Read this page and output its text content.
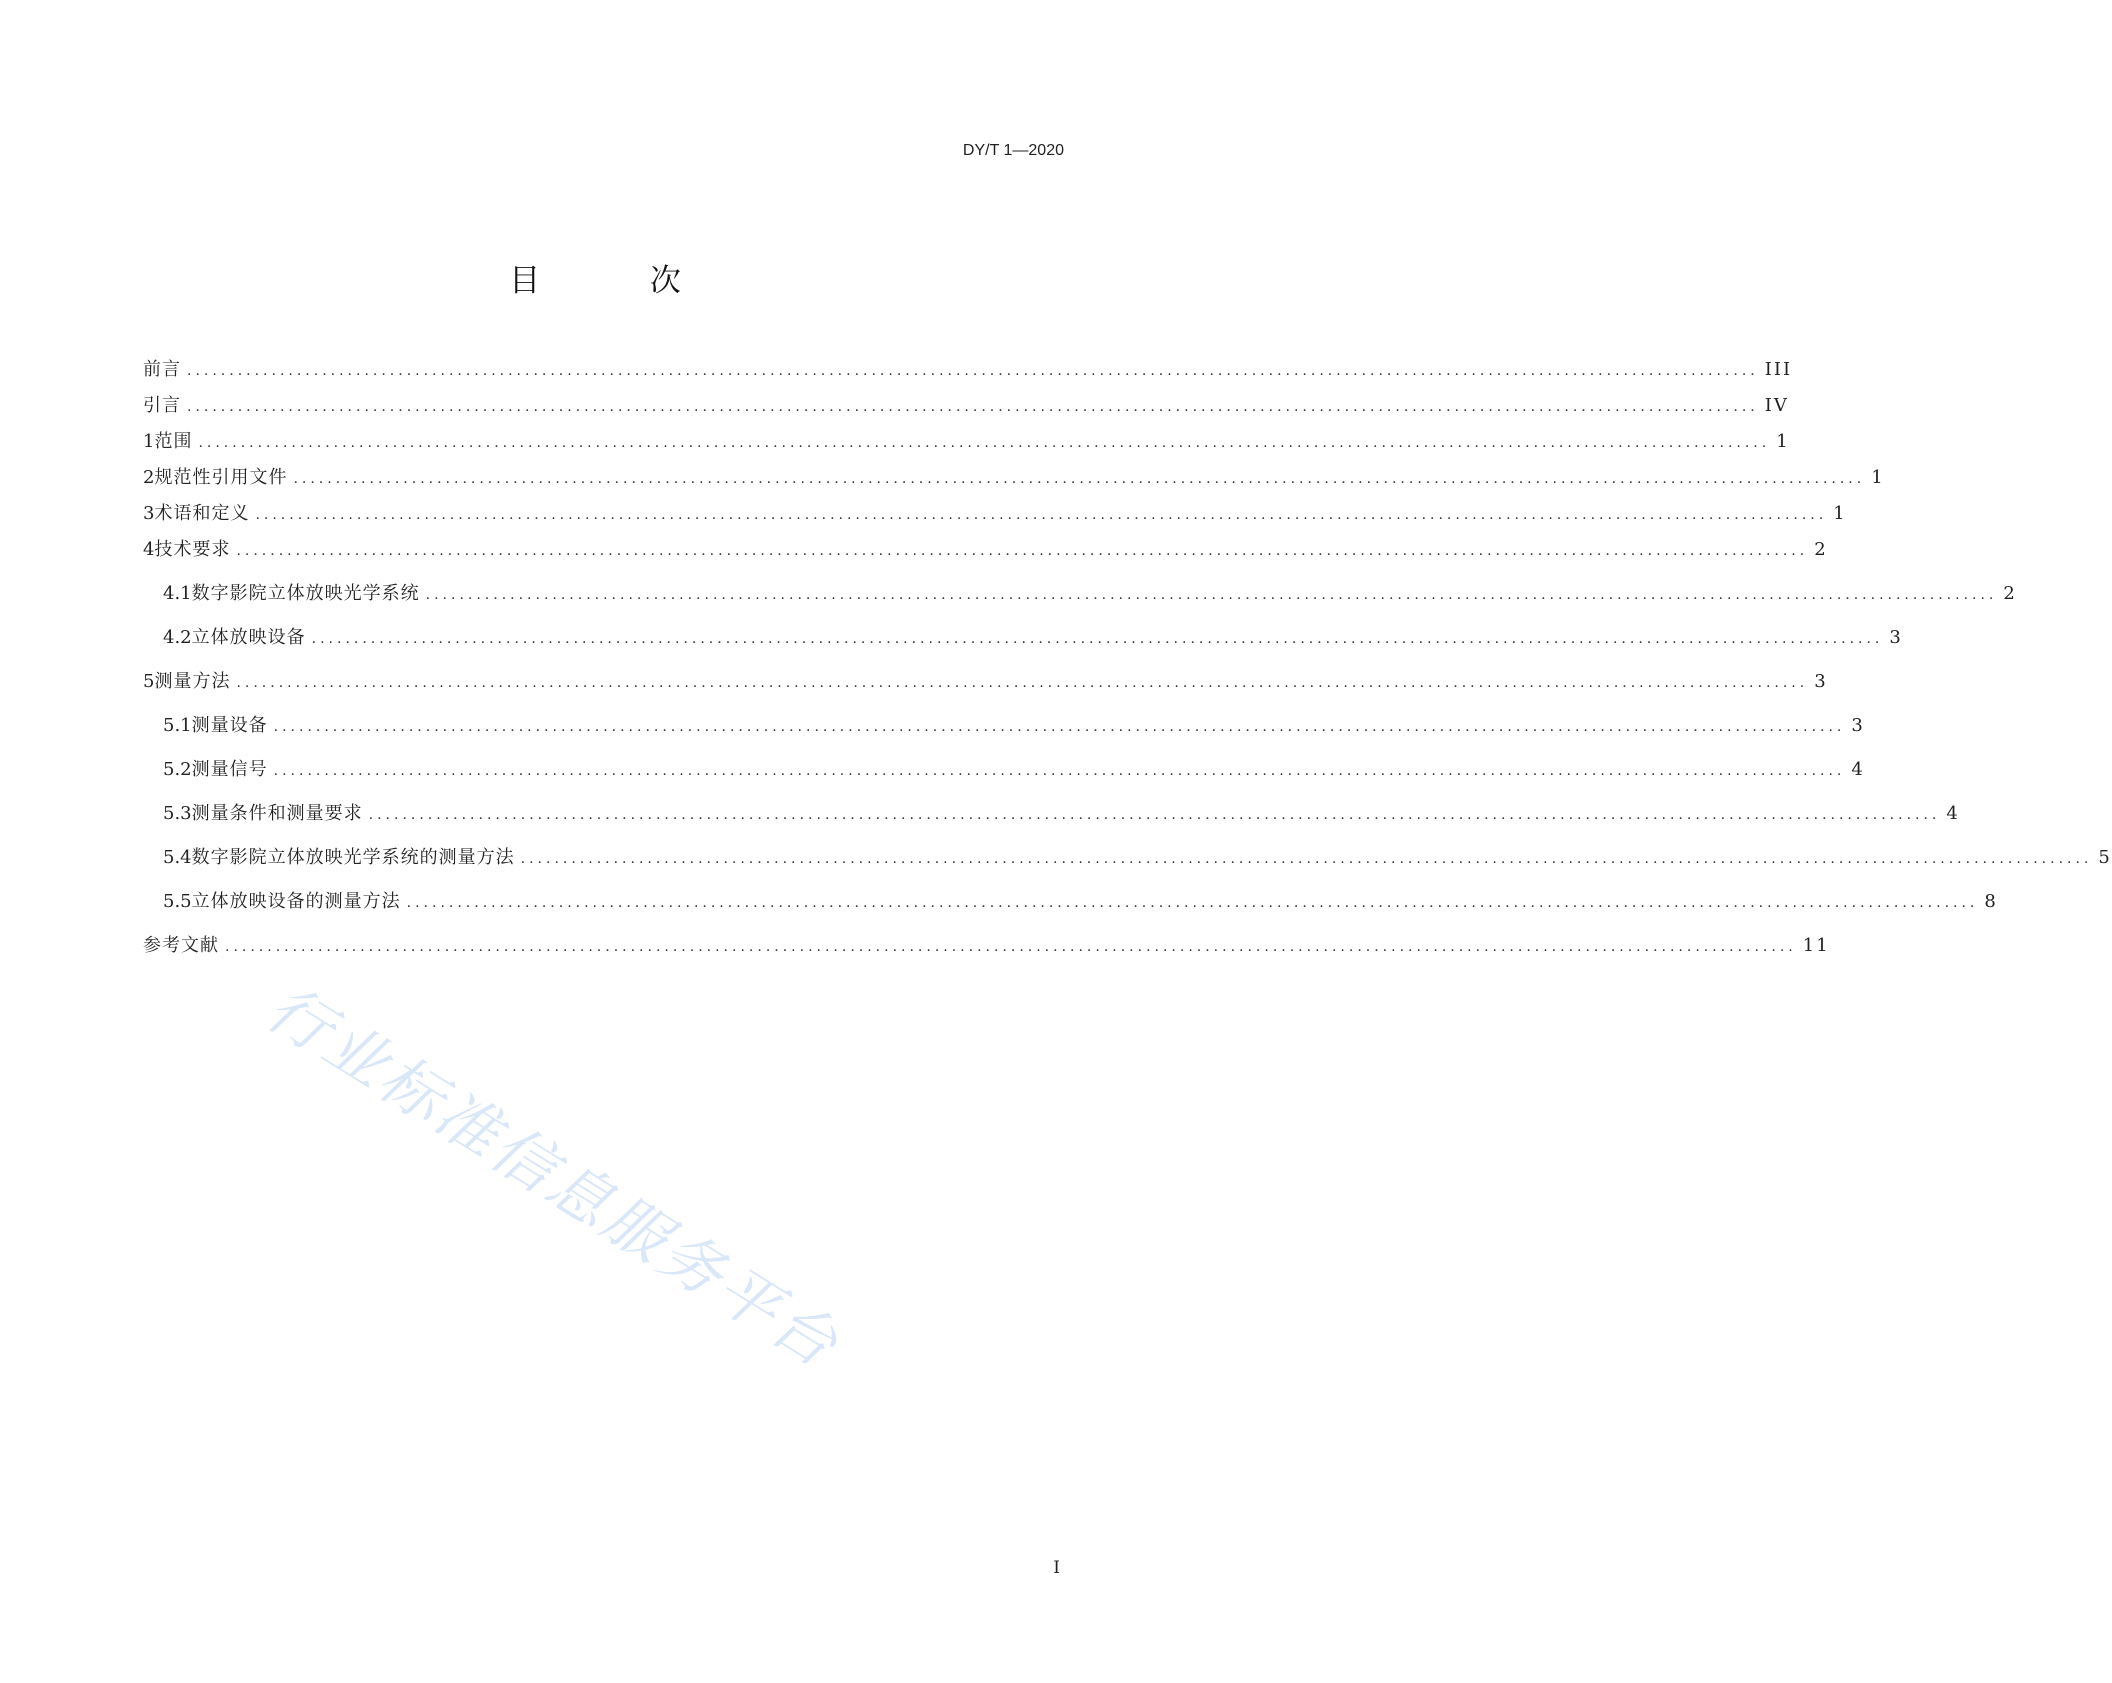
DY/T 1—2020
目 次
前言 .......................................................................................................................................................................................... III
引言 .......................................................................................................................................................................................... IV
1 范围 .......................................................................................................................................................................................... 1
2 规范性引用文件 .......................................................................................................................................................................................... 1
3 术语和定义 .......................................................................................................................................................................................... 1
4 技术要求 .......................................................................................................................................................................................... 2
4.1 数字影院立体放映光学系统 .......................................................................................................................................................................................... 2
4.2 立体放映设备 .......................................................................................................................................................................................... 3
5 测量方法 .......................................................................................................................................................................................... 3
5.1 测量设备 .......................................................................................................................................................................................... 3
5.2 测量信号 .......................................................................................................................................................................................... 4
5.3 测量条件和测量要求 .......................................................................................................................................................................................... 4
5.4 数字影院立体放映光学系统的测量方法 .......................................................................................................................................................................................... 5
5.5 立体放映设备的测量方法 .......................................................................................................................................................................................... 8
参考文献 .......................................................................................................................................................................................... 11
行业标准信息服务平台
I
